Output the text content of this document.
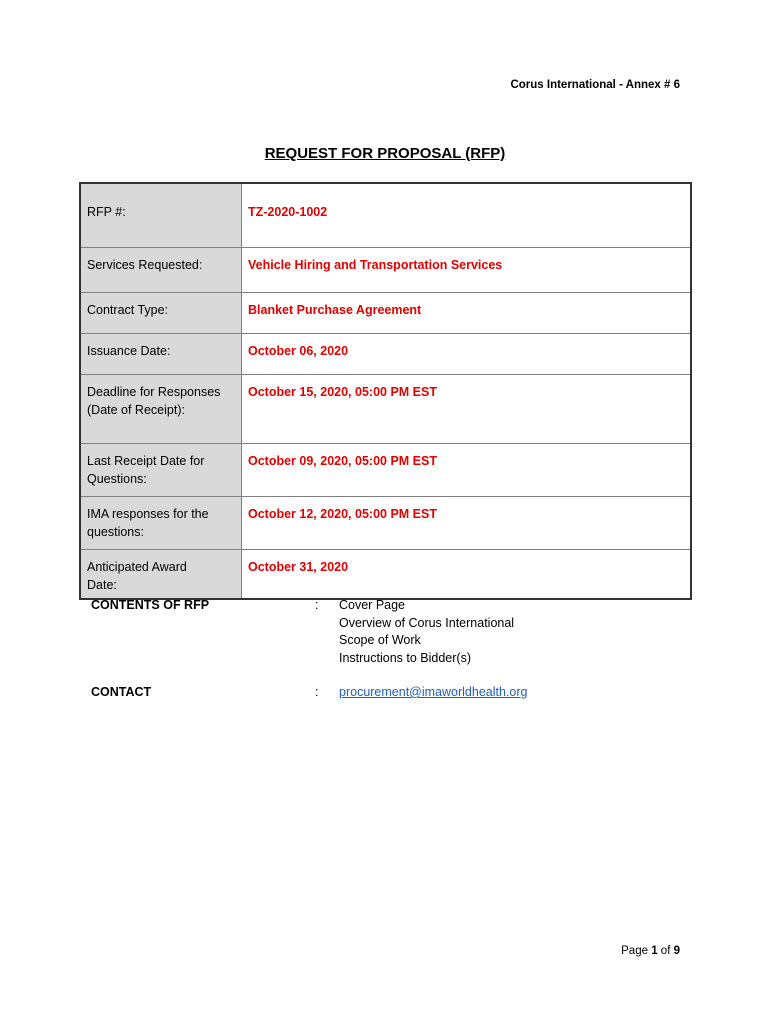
Corus International - Annex # 6
REQUEST FOR PROPOSAL (RFP)
RFP #:	TZ-2020-1002
Services Requested:	Vehicle Hiring and Transportation Services
Contract Type:	Blanket Purchase Agreement
Issuance Date:	October 06, 2020

Deadline for Responses
(Date of Receipt):	October 15, 2020, 05:00 PM EST

Last Receipt Date for
Questions:	October 09, 2020, 05:00 PM EST

IMA responses for the
questions:	October 12, 2020, 05:00 PM EST

Anticipated Award
Date:	October 31, 2020
CONTENTS OF RFP	: Cover Page
Overview of Corus International
Scope of Work
Instructions to Bidder(s)
CONTACT	: procurement@imaworldhealth.org
Page 1 of 9
